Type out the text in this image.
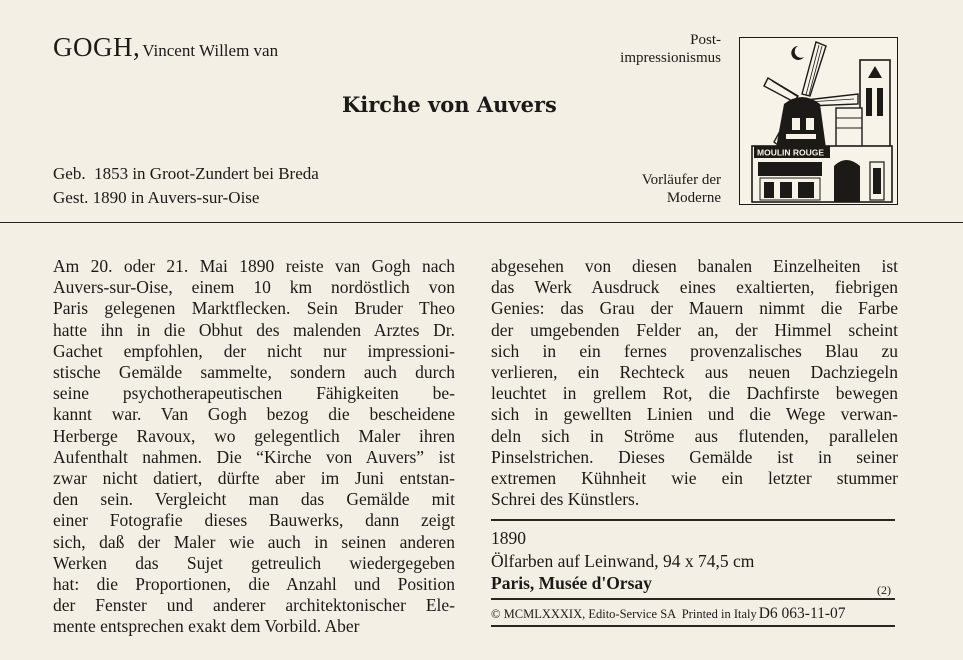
GOGH, Vincent Willem van
Post-
impressionismus
Kirche von Auvers
Geb.  1853 in Groot-Zundert bei Breda
Gest. 1890 in Auvers-sur-Oise
Vorläufer der
Moderne
MOULIN ROUGE
Am 20. oder 21. Mai 1890 reiste van Gogh nach
Auvers-sur-Oise, einem 10 km nordöstlich von
Paris gelegenen Marktflecken. Sein Bruder Theo
hatte ihn in die Obhut des malenden Arztes Dr.
Gachet empfohlen, der nicht nur impressioni-
stische Gemälde sammelte, sondern auch durch
seine psychotherapeutischen Fähigkeiten be-
kannt war. Van Gogh bezog die bescheidene
Herberge Ravoux, wo gelegentlich Maler ihren
Aufenthalt nahmen. Die “Kirche von Auvers” ist
zwar nicht datiert, dürfte aber im Juni entstan-
den sein. Vergleicht man das Gemälde mit
einer Fotografie dieses Bauwerks, dann zeigt
sich, daß der Maler wie auch in seinen anderen
Werken das Sujet getreulich wiedergegeben
hat: die Proportionen, die Anzahl und Position
der Fenster und anderer architektonischer Ele-
mente entsprechen exakt dem Vorbild. Aber
abgesehen von diesen banalen Einzelheiten ist
das Werk Ausdruck eines exaltierten, fiebrigen
Genies: das Grau der Mauern nimmt die Farbe
der umgebenden Felder an, der Himmel scheint
sich in ein fernes provenzalisches Blau zu
verlieren, ein Rechteck aus neuen Dachziegeln
leuchtet in grellem Rot, die Dachfirste bewegen
sich in gewellten Linien und die Wege verwan-
deln sich in Ströme aus flutenden, parallelen
Pinselstrichen. Dieses Gemälde ist in seiner
extremen Kühnheit wie ein letzter stummer
Schrei des Künstlers.
1890
Ölfarben auf Leinwand, 94 x 74,5 cm
Paris, Musée d'Orsay	(2)
© MCMLXXXIX, Edito-Service SA  Printed in Italy D6 063-11-07
